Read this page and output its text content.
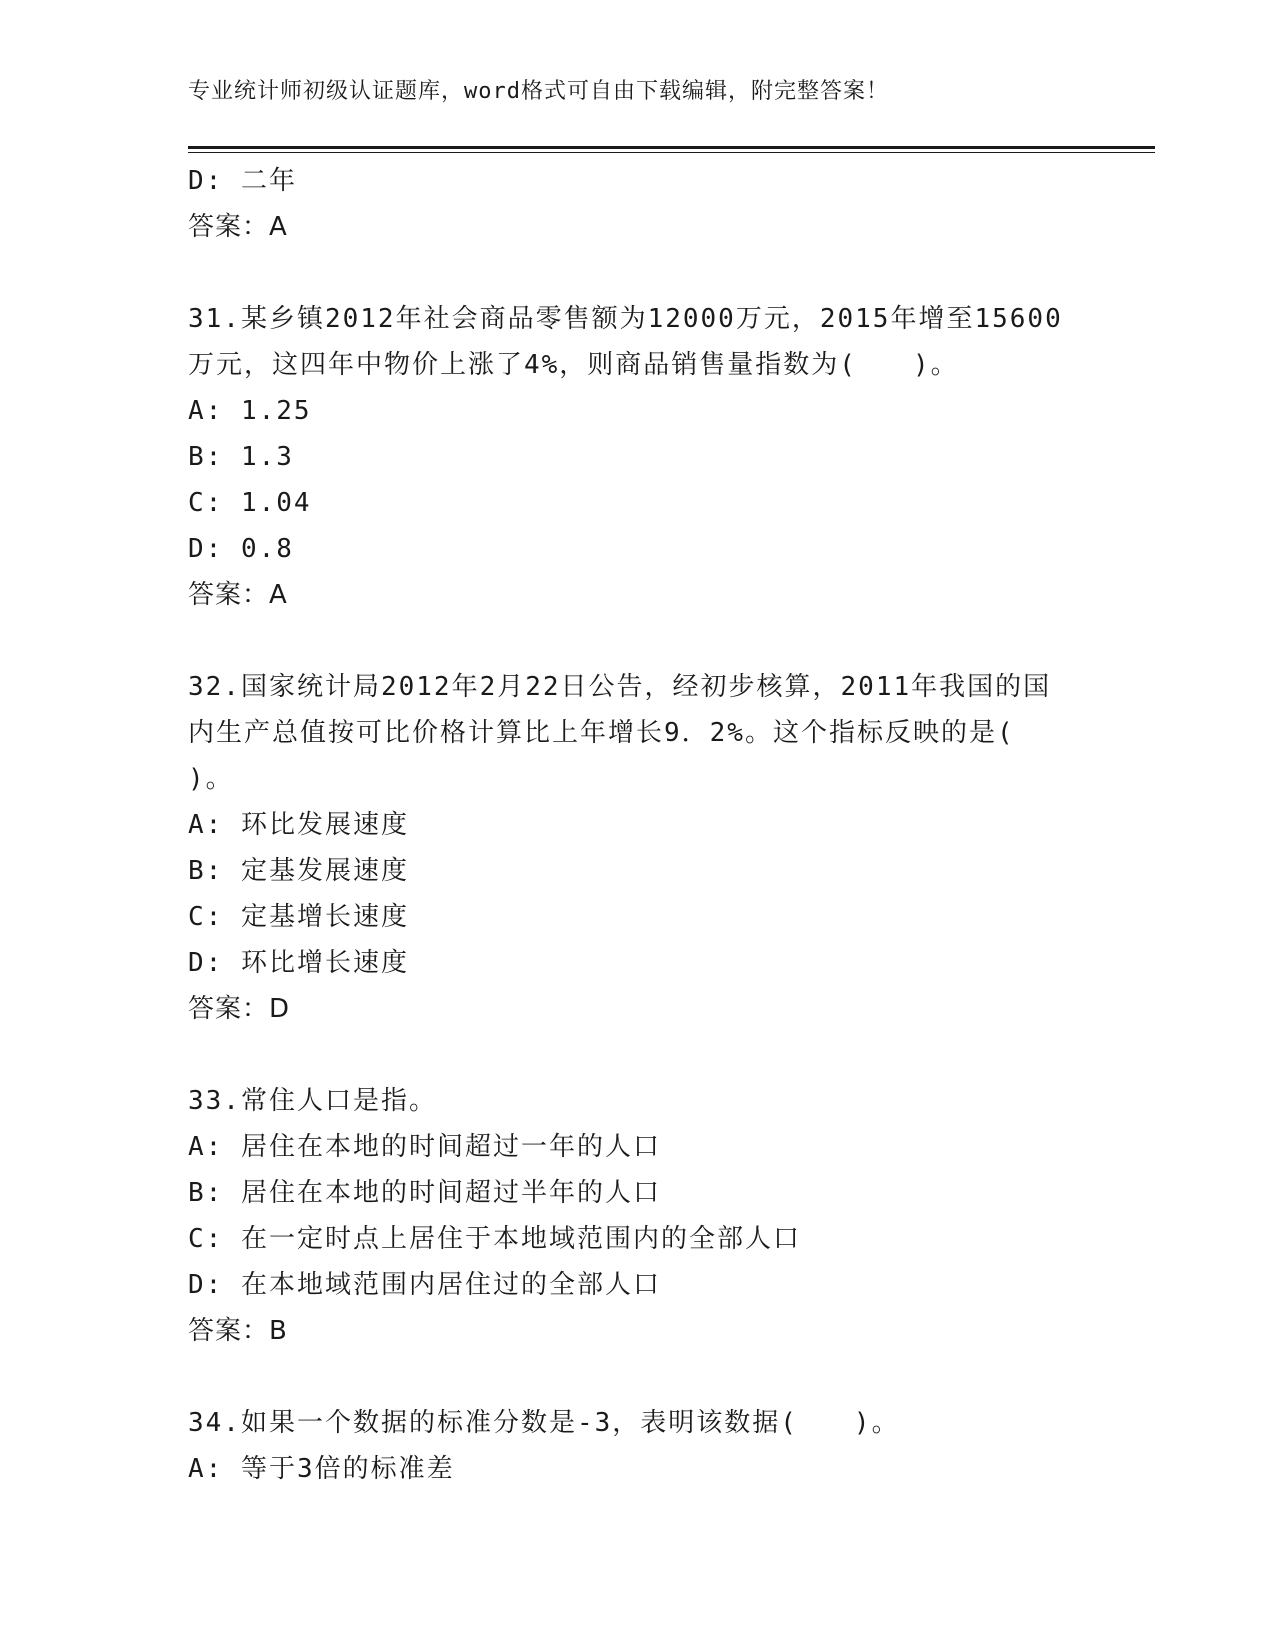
专业统计师初级认证题库，word格式可自由下载编辑，附完整答案！
D: 二年
答案：A
31.某乡镇2012年社会商品零售额为12000万元，2015年增至15600
万元，这四年中物价上涨了4%，则商品销售量指数为(　　)。
A: 1.25
B: 1.3
C: 1.04
D: 0.8
答案：A
32.国家统计局2012年2月22日公告，经初步核算，2011年我国的国
内生产总值按可比价格计算比上年增长9．2%。这个指标反映的是(
)。
A: 环比发展速度
B: 定基发展速度
C: 定基增长速度
D: 环比增长速度
答案：D
33.常住人口是指。
A: 居住在本地的时间超过一年的人口
B: 居住在本地的时间超过半年的人口
C: 在一定时点上居住于本地域范围内的全部人口
D: 在本地域范围内居住过的全部人口
答案：B
34.如果一个数据的标准分数是-3，表明该数据(　　)。
A: 等于3倍的标准差
